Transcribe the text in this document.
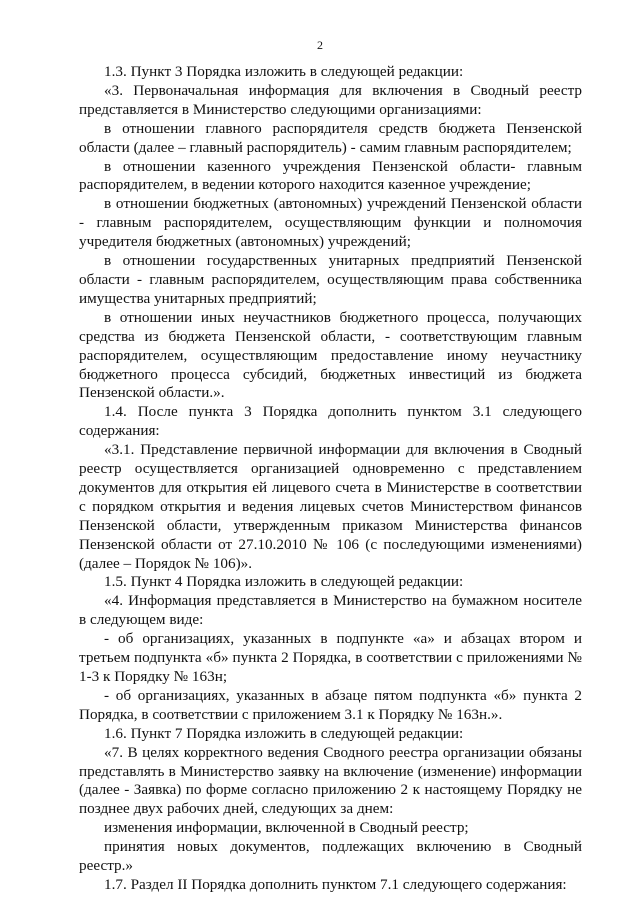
2

1.3. Пункт 3 Порядка изложить в следующей редакции:

«3. Первоначальная информация для включения в Сводный реестр представляется в Министерство следующими организациями:

в отношении главного распорядителя средств бюджета Пензенской области (далее – главный распорядитель) - самим главным распорядителем;

в отношении казенного учреждения Пензенской области- главным распорядителем, в ведении которого находится казенное учреждение;

в отношении бюджетных (автономных) учреждений Пензенской области - главным распорядителем, осуществляющим функции и полномочия учредителя бюджетных (автономных) учреждений;

в отношении государственных унитарных предприятий Пензенской области - главным распорядителем, осуществляющим права собственника имущества унитарных предприятий;

в отношении иных неучастников бюджетного процесса, получающих средства из бюджета Пензенской области, - соответствующим главным распорядителем, осуществляющим предоставление иному неучастнику бюджетного процесса субсидий, бюджетных инвестиций из бюджета Пензенской области.».

1.4. После пункта 3 Порядка дополнить пунктом 3.1 следующего содержания:

«3.1. Представление первичной информации для включения в Сводный реестр осуществляется организацией одновременно с представлением документов для открытия ей лицевого счета в Министерстве в соответствии с порядком открытия и ведения лицевых счетов Министерством финансов Пензенской области, утвержденным приказом Министерства финансов Пензенской области от 27.10.2010 № 106 (с последующими изменениями) (далее – Порядок № 106)».

1.5. Пункт 4 Порядка изложить в следующей редакции:

«4. Информация представляется в Министерство на бумажном носителе в следующем виде:

- об организациях, указанных в подпункте «а» и абзацах втором и третьем подпункта «б» пункта 2 Порядка, в соответствии с приложениями № 1-3 к Порядку № 163н;

- об организациях, указанных в абзаце пятом подпункта «б» пункта 2 Порядка, в соответствии с приложением 3.1 к Порядку № 163н.».

1.6. Пункт 7 Порядка изложить в следующей редакции:

«7. В целях корректного ведения Сводного реестра организации обязаны представлять в Министерство заявку на включение (изменение) информации (далее - Заявка) по форме согласно приложению 2 к настоящему Порядку не позднее двух рабочих дней, следующих за днем:

изменения информации, включенной в Сводный реестр;

принятия новых документов, подлежащих включению в Сводный реестр.»

1.7. Раздел II Порядка дополнить пунктом 7.1 следующего содержания:
